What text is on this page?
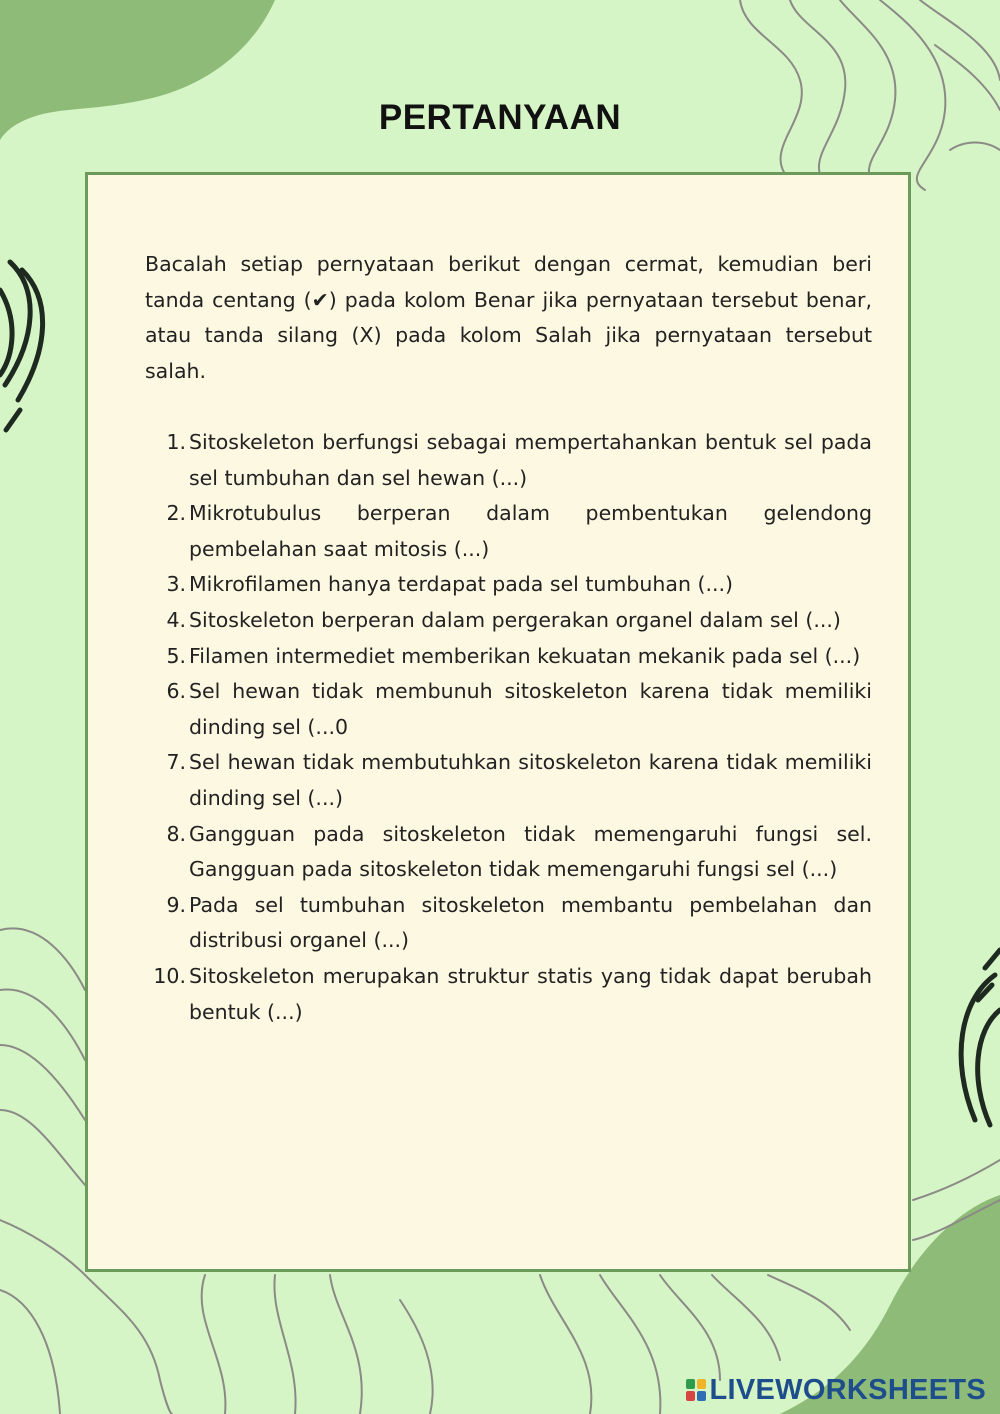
PERTANYAAN

Bacalah setiap pernyataan berikut dengan cermat, kemudian beri tanda centang (✔) pada kolom Benar jika pernyataan tersebut benar, atau tanda silang (X) pada kolom Salah jika pernyataan tersebut salah.

1. Sitoskeleton berfungsi sebagai mempertahankan bentuk sel pada sel tumbuhan dan sel hewan (...)
2. Mikrotubulus berperan dalam pembentukan gelendong pembelahan saat mitosis (...)
3. Mikrofilamen hanya terdapat pada sel tumbuhan (...)
4. Sitoskeleton berperan dalam pergerakan organel dalam sel (...)
5. Filamen intermediet memberikan kekuatan mekanik pada sel (...)
6. Sel hewan tidak membunuh sitoskeleton karena tidak memiliki dinding sel (...0
7. Sel hewan tidak membutuhkan sitoskeleton karena tidak memiliki dinding sel (...)
8. Gangguan pada sitoskeleton tidak memengaruhi fungsi sel. Gangguan pada sitoskeleton tidak memengaruhi fungsi sel (...)
9. Pada sel tumbuhan sitoskeleton membantu pembelahan dan distribusi organel (...)
10. Sitoskeleton merupakan struktur statis yang tidak dapat berubah bentuk (...)
LIVEWORKSHEETS
